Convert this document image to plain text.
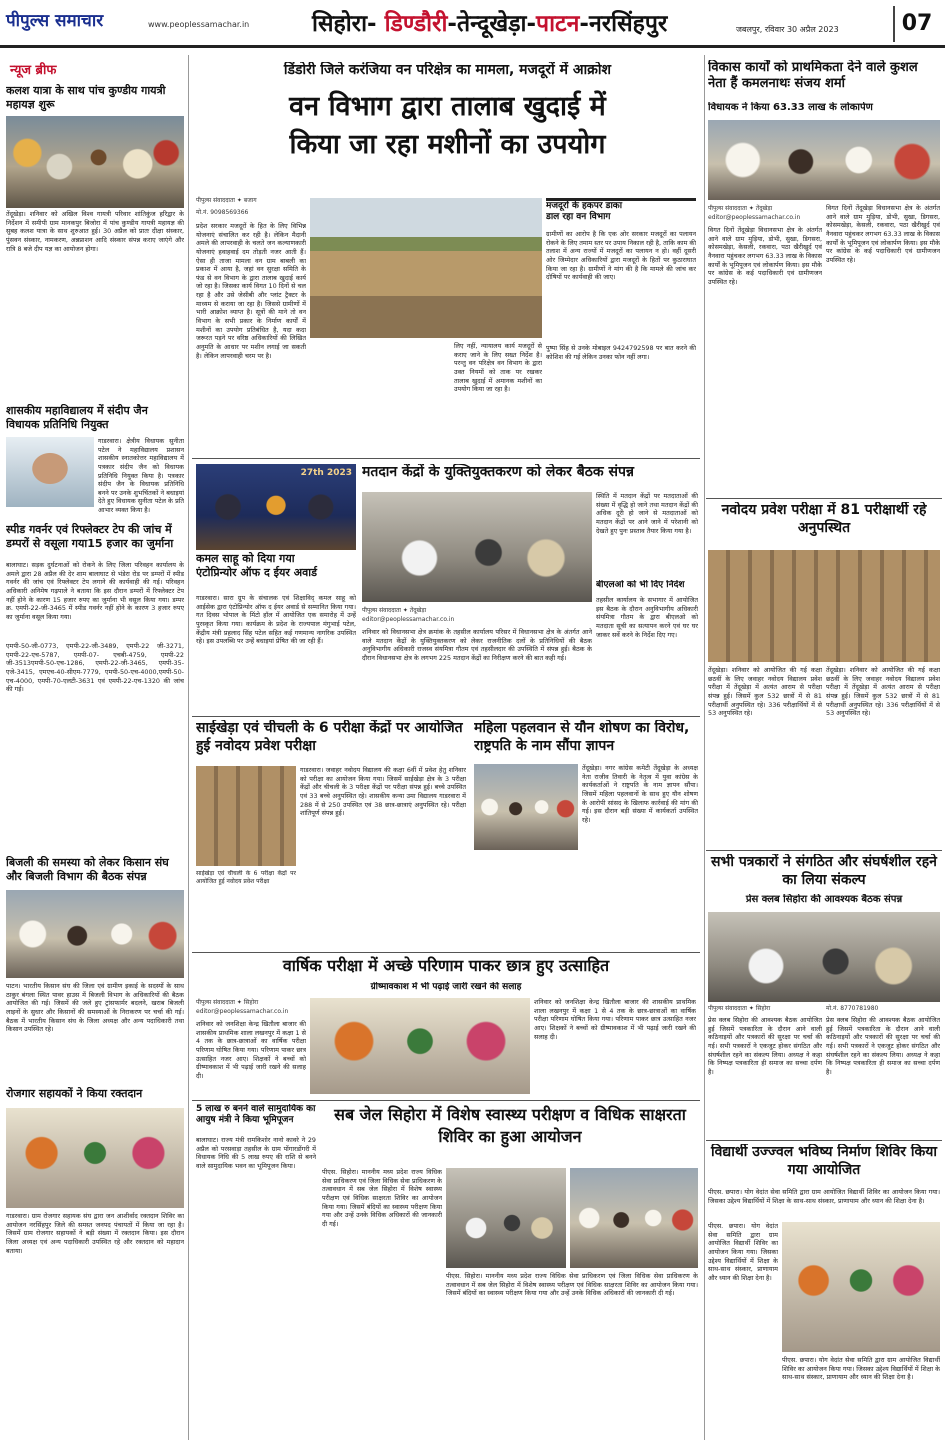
पीपुल्स समाचार	www.peoplessamachar.in	सिहोरा- डिण्डौरी-तेन्दूखेड़ा-पाटन-नरसिंहपुर	जबलपुर, रविवार 30 अप्रैल 2023	07
न्यूज ब्रीफ
कलश यात्रा के साथ पांच कुण्डीय गायत्री महायज्ञ शुरू
तेंदूखेड़ा। शनिवार को अखिल विश्व गायत्री परिवार शांतिकुंज हरिद्वार के निर्देशन में समीपी ग्राम मानकपुर बिजोरा में पांच कुण्डीय गायत्री महायज्ञ की सुबह कलश यात्रा के साथ शुरुआत हुई। 30 अप्रैल को प्रातः दीक्षा संस्कार, पुंसवन संस्कार, नामकरण, अन्नप्राशन आदि संस्कार संपन्न कराए जाएंगे और रात्रि 8 बजे दीप यज्ञ का आयोजन होगा।
शासकीय महाविद्यालय में संदीप जैन विधायक प्रतिनिधि नियुक्त
गाडरवारा। क्षेत्रीय विधायक सुनीता पटेल ने महाविद्यालय प्रशासन शासकीय स्नातकोत्तर महाविद्यालय में पत्रकार संदीप जैन को विधायक प्रतिनिधि नियुक्त किया है। पत्रकार संदीप जैन के विधायक प्रतिनिधि बनने पर उनके शुभचिंतकों ने बधाइयां देते हुए विधायक सुनीता पटेल के प्रति आभार व्यक्त किया है।
स्पीड गवर्नर एवं रिफ्लेक्टर टेप की जांच में डम्परों से वसूला गया15 हजार का जुर्माना
बालाघाट। सड़क दुर्घटनाओं को रोकने के लिए जिला परिवहन कार्यालय के अमले द्वारा 28 अप्रैल की देर शाम बालाघाट से भंडेरा रोड पर डम्परों में स्पीड गवर्नर की जांच एवं रिफ्लेक्टर टेप लगाने की कार्यवाही की गई। परिवहन अधिकारी अनिमेष गढ़पाले ने बताया कि इस दौरान डम्परों में रिफ्लेक्टर टेप नहीं होने के कारण 15 हजार रुपए का जुर्माना भी वसूल किया गया। डम्पर क्र. एमपी-22-जी-3465 में स्पीड गवर्नर नहीं होने के कारण 3 हजार रुपए का जुर्माना वसूल किया गया।
एमपी-50-जी-0773, एमपी-22-जी-3489, एमपी-22 जी-3271, एमपी-22-एच-5787, एमपी-07- एचबी-4759, एमपी-22 जी-3513एमपी-50-एच-1286, एमपी-22-जी-3465, एमपी-35-एजे-3415, एमएच-40-सीएम-7779, एमपी-50-एच-4000,एमपी-50-एच-4000, एमपी-70-एलटी-3631 एवं एमपी-22-एच-1320 की जांच की गई।
बिजली की समस्या को लेकर किसान संघ और बिजली विभाग की बैठक संपन्न
पाटन। भारतीय किसान संघ की जिला एवं ग्रामीण इकाई के सदस्यों के साथ ठाकुर बंगला स्थित पावर हाउस में बिजली विभाग के अधिकारियों की बैठक आयोजित की गई। जिसमें की जले हुए ट्रांसफार्मर बदलने, खराब बिजली लाइनों के सुधार और किसानों की समस्याओं के निराकरण पर चर्चा की गई। बैठक में भारतीय किसान संघ के जिला अध्यक्ष और अन्य पदाधिकारी तथा किसान उपस्थित रहे।
रोजगार सहायकों ने किया रक्तदान
गाडरवारा। ग्राम रोजगार सहायक संघ द्वारा जन आशीर्वाद रक्तदान शिविर का आयोजन नरसिंहपुर जिले की समस्त जनपद पंचायतों में किया जा रहा है। जिसमें ग्राम रोजगार सहायकों ने बड़ी संख्या में रक्तदान किया। इस दौरान जिला अध्यक्ष एवं अन्य पदाधिकारी उपस्थित रहे और रक्तदान को महादान बताया।
डिंडोरी जिले करंजिया वन परिक्षेत्र का मामला, मजदूरों में आक्रोश
वन विभाग द्वारा तालाब खुदाई में
किया जा रहा मशीनों का उपयोग
पीपुल्स संवाददाता ✦ बजाग
मो.नं. 9098569366
प्रदेश सरकार मजदूरों के हित के लिए विभिन्न योजनाएं संचालित कर रही है। लेकिन मैदानी अमले की लापरवाही के चलते जन कल्याणकारी योजनाएं हवाहवाई दम तोड़ती नजर आती हैं। ऐसा ही ताजा मामला वन ग्राम बाबली का प्रकाश में आया है, जहां वन सुरक्षा समिति के फंड से वन विभाग के द्वारा तालाब खुदाई कार्य जो रहा है। जिसका कार्य विगत 10 दिनों से चल रहा है और उसे जेसीबी और प्लांट ट्रैक्टर के माध्यम से कराया जा रहा है। जिससे ग्रामीणों में भारी आक्रोश व्याप्त है। सूत्रों की माने तो वन विभाग के सभी प्रकार के निर्माण कार्यों में मशीनों का उपयोग प्रतिबंधित है, यदा कदा जरूरत पड़ने पर वरिष्ठ अधिकारियों की लिखित अनुमति के आधार पर मशीन लगाई जा सकती है। लेकिन लापरवाही चरम पर है।
लिए नहीं, न्यायालय कार्य मजदूरों से कराए जाने के लिए सख्त निर्देश है। परन्तु वन परिक्षेत्र वन विभाग के द्वारा उक्त नियमों को ताक पर रखकर तालाब खुदाई में अमानक मशीनों का उपयोग किया जा रहा है।
मजदूरों के हकपर डाका
डाल रहा वन विभाग
ग्रामीणों का आरोप है कि एक ओर सरकार मजदूरों का पलायन रोकने के लिए तमाम स्तर पर उपाय निकाल रही है, ताकि काम की तलाश में अन्य राज्यों में मजदूरों का पलायन न हो। वहीं दूसरी ओर जिम्मेदार अधिकारियों द्वारा मजदूरों के हितों पर कुठाराघात किया जा रहा है। ग्रामीणों ने मांग की है कि मामले की जांच कर दोषियों पर कार्यवाही की जाए।
पुष्पा सिंह से उनके मोबाइल 9424792598 पर बात करने की कोशिश की गई लेकिन उनका फोन नहीं लगा।
27th 2023
कमल साहू को दिया गया
एंटोप्रिन्योर ऑफ द ईयर अवार्ड
गाडरवारा। सारा ग्रुप के संचालक एवं शिक्षाविद् कमल साहू को आईसेक द्वारा एंटोप्रिन्योर ऑफ द ईयर अवार्ड से सम्मानित किया गया। गत दिवस भोपाल के मिंटो हॉल में आयोजित एक समारोह में उन्हें पुरस्कृत किया गया। कार्यक्रम के प्रदेश के राज्यपाल मंगुभाई पटेल, केंद्रीय मंत्री प्रहलाद सिंह पटेल सहित कई गणमान्य नागरिक उपस्थित रहे। इस उपलब्धि पर उन्हें बधाइयां प्रेषित की जा रही हैं।
मतदान केंद्रों के युक्तियुक्तकरण को लेकर बैठक संपन्न
पीपुल्स संवाददाता ✦ तेंदूखेड़ा
editor@peoplessamachar.co.in
शनिवार को विधानसभा क्षेत्र क्रमांक के तहसील कार्यालय परिसर में विधानसभा क्षेत्र के अंतर्गत आने वाले मतदान केंद्रों के युक्तियुक्तकरण को लेकर राजनीतिक दलों के प्रतिनिधियों की बैठक अनुविभागीय अधिकारी राजस्व संयमित्रा गौतम एवं तहसीलदार की उपस्थिति में संपन्न हुई। बैठक के दौरान विधानसभा क्षेत्र के लगभग 225 मतदान केंद्रों का निरीक्षण करने की बात कही गई।
स्थिति में मतदान केंद्रों पर मतदाताओं की संख्या में वृद्धि हो जाने तथा मतदान केंद्रों की अधिक दूरी हो जाने से मतदाताओं को मतदान केंद्रों पर आने जाने में परेशानी को देखते हुए पुनः प्रस्ताव तैयार किया गया है।
बीएलओ को भी दिए निर्देश
तहसील कार्यालय के सभागार में आयोजित इस बैठक के दौरान अनुविभागीय अधिकारी संयमित्रा गौतम के द्वारा बीएलओ को मतदाता सूची का सत्यापन करने एवं घर घर जाकर सर्वे करने के निर्देश दिए गए।
साईखेड़ा एवं चीचली के 6 परीक्षा केंद्रों पर आयोजित हुई नवोदय प्रवेश परीक्षा
गाडरवारा। जवाहर नवोदय विद्यालय की कक्षा 6वीं में प्रवेश हेतु शनिवार को परीक्षा का आयोजन किया गया। जिसमें साईखेड़ा क्षेत्र के 3 परीक्षा केंद्रों और चीचली के 3 परीक्षा केंद्रों पर परीक्षा संपन्न हुई। बच्चे उपस्थित एवं 33 बच्चे अनुपस्थित रहे। शासकीय कन्या उमा विद्यालय गाडरवारा में 288 में से 250 उपस्थित एवं 38 छात्र-छात्राएं अनुपस्थित रहे। परीक्षा शांतिपूर्ण संपन्न हुई।
साईखेड़ा एवं चीचली के 6 परीक्षा केंद्रों पर आयोजित हुई नवोदय प्रवेश परीक्षा
महिला पहलवान से यौन शोषण का विरोध, राष्ट्रपति के नाम सौंपा ज्ञापन
तेंदूखेड़ा। नगर कांग्रेस कमेटी तेंदूखेड़ा के अध्यक्ष नेता राजीव तिवारी के नेतृत्व में युवा कांग्रेस के कार्यकर्ताओं ने राष्ट्रपति के नाम ज्ञापन सौंपा। जिसमें महिला पहलवानों के साथ हुए यौन शोषण के आरोपी सांसद के खिलाफ कार्रवाई की मांग की गई। इस दौरान बड़ी संख्या में कार्यकर्ता उपस्थित रहे।
वार्षिक परीक्षा में अच्छे परिणाम पाकर छात्र हुए उत्साहित
ग्रीष्मावकाश में भी पढ़ाई जारी रखने की सलाह
पीपुल्स संवाददाता ✦ सिहोरा
editor@peoplessamachar.co.in
शनिवार को जनशिक्षा केन्द्र खितौला बाजार की शासकीय प्राथमिक शाला लखनपुर में कक्षा 1 से 4 तक के छात्र-छात्राओं का वार्षिक परीक्षा परिणाम घोषित किया गया। परिणाम पाकर छात्र उत्साहित नजर आए। शिक्षकों ने बच्चों को ग्रीष्मावकाश में भी पढ़ाई जारी रखने की सलाह दी।
शनिवार को जनशिक्षा केन्द्र खितौला बाजार की शासकीय प्राथमिक शाला लखनपुर में कक्षा 1 से 4 तक के छात्र-छात्राओं का वार्षिक परीक्षा परिणाम घोषित किया गया। परिणाम पाकर छात्र उत्साहित नजर आए। शिक्षकों ने बच्चों को ग्रीष्मावकाश में भी पढ़ाई जारी रखने की सलाह दी।
5 लाख रु बनने वाले सामुदायिक का आयुष मंत्री ने किया भूमिपूजन
बालाघाट। राज्य मंत्री रामकिशोर नानो कावरे ने 29 अप्रैल को परसवाड़ा तहसील के ग्राम पोंगारडोंगरी में विधायक निधि की 5 लाख रुपए की राशि से बनने वाले सामुदायिक भवन का भूमिपूजन किया।
सब जेल सिहोरा में विशेष स्वास्थ्य परीक्षण व विधिक साक्षरता शिविर का हुआ आयोजन
पीएस. सिहोरा। माननीय मध्य प्रदेश राज्य विधिक सेवा प्राधिकरण एवं जिला विधिक सेवा प्राधिकरण के तत्वावधान में सब जेल सिहोरा में विशेष स्वास्थ्य परीक्षण एवं विधिक साक्षरता शिविर का आयोजन किया गया। जिसमें बंदियों का स्वास्थ्य परीक्षण किया गया और उन्हें उनके विधिक अधिकारों की जानकारी दी गई।
पीएस. सिहोरा। माननीय मध्य प्रदेश राज्य विधिक सेवा प्राधिकरण एवं जिला विधिक सेवा प्राधिकरण के तत्वावधान में सब जेल सिहोरा में विशेष स्वास्थ्य परीक्षण एवं विधिक साक्षरता शिविर का आयोजन किया गया। जिसमें बंदियों का स्वास्थ्य परीक्षण किया गया और उन्हें उनके विधिक अधिकारों की जानकारी दी गई।
विकास कार्यों को प्राथमिकता देने वाले कुशल नेता हैं कमलनाथः संजय शर्मा
विधायक ने किया 63.33 लाख के लोकार्पण
पीपुल्स संवाददाता ✦ तेंदूखेड़ा
editor@peoplessamachar.co.in
विगत दिनों तेंदूखेड़ा विधानसभा क्षेत्र के अंतर्गत आने वाले ग्राम मुड़िया, डोभी, सुखा, डिगसरा, कोसमखेड़ा, केसली, रकवारा, पठा खैरीखुर्द एवं नैनवारा पहुंचकर लगभग 63.33 लाख के विकास कार्यों के भूमिपूजन एवं लोकार्पण किया। इस मौके पर कांग्रेस के कई पदाधिकारी एवं ग्रामीणजन उपस्थित रहे।
विगत दिनों तेंदूखेड़ा विधानसभा क्षेत्र के अंतर्गत आने वाले ग्राम मुड़िया, डोभी, सुखा, डिगसरा, कोसमखेड़ा, केसली, रकवारा, पठा खैरीखुर्द एवं नैनवारा पहुंचकर लगभग 63.33 लाख के विकास कार्यों के भूमिपूजन एवं लोकार्पण किया। इस मौके पर कांग्रेस के कई पदाधिकारी एवं ग्रामीणजन उपस्थित रहे।
नवोदय प्रवेश परीक्षा में 81 परीक्षार्थी रहे अनुपस्थित
तेंदूखेड़ा। शनिवार को आयोजित की गई कक्षा छठवीं के लिए जवाहर नवोदय विद्यालय प्रवेश परीक्षा में तेंदूखेड़ा में अत्यंत आराम से परीक्षा संपन्न हुई। जिसमें कुल 532 छात्रों में से 81 परीक्षार्थी अनुपस्थित रहे। 336 परीक्षार्थियों में से 53 अनुपस्थित रहे।
तेंदूखेड़ा। शनिवार को आयोजित की गई कक्षा छठवीं के लिए जवाहर नवोदय विद्यालय प्रवेश परीक्षा में तेंदूखेड़ा में अत्यंत आराम से परीक्षा संपन्न हुई। जिसमें कुल 532 छात्रों में से 81 परीक्षार्थी अनुपस्थित रहे। 336 परीक्षार्थियों में से 53 अनुपस्थित रहे।
सभी पत्रकारों ने संगठित और संघर्षशील रहने का लिया संकल्प
प्रेस क्लब सिहोरा की आवश्यक बैठक संपन्न
पीपुल्स संवाददाता ✦ सिहोरा	मो.नं. 8770781980
प्रेस क्लब सिहोरा की आवश्यक बैठक आयोजित हुई जिसमें पत्रकारिता के दौरान आने वाली कठिनाइयों और पत्रकारों की सुरक्षा पर चर्चा की गई। सभी पत्रकारों ने एकजुट होकर संगठित और संघर्षशील रहने का संकल्प लिया। अध्यक्ष ने कहा कि निष्पक्ष पत्रकारिता ही समाज का सच्चा दर्पण है।
प्रेस क्लब सिहोरा की आवश्यक बैठक आयोजित हुई जिसमें पत्रकारिता के दौरान आने वाली कठिनाइयों और पत्रकारों की सुरक्षा पर चर्चा की गई। सभी पत्रकारों ने एकजुट होकर संगठित और संघर्षशील रहने का संकल्प लिया। अध्यक्ष ने कहा कि निष्पक्ष पत्रकारिता ही समाज का सच्चा दर्पण है।
विद्यार्थी उज्ज्वल भविष्य निर्माण शिविर किया गया आयोजित
पीएस. छपारा। योग वेदांत सेवा समिति द्वारा ग्राम आयोजित विद्यार्थी शिविर का आयोजन किया गया। जिसका उद्देश्य विद्यार्थियों में शिक्षा के साथ-साथ संस्कार, प्राणायाम और ध्यान की शिक्षा देना है।
पीएस. छपारा। योग वेदांत सेवा समिति द्वारा ग्राम आयोजित विद्यार्थी शिविर का आयोजन किया गया। जिसका उद्देश्य विद्यार्थियों में शिक्षा के साथ-साथ संस्कार, प्राणायाम और ध्यान की शिक्षा देना है।
पीएस. छपारा। योग वेदांत सेवा समिति द्वारा ग्राम आयोजित विद्यार्थी शिविर का आयोजन किया गया। जिसका उद्देश्य विद्यार्थियों में शिक्षा के साथ-साथ संस्कार, प्राणायाम और ध्यान की शिक्षा देना है।
